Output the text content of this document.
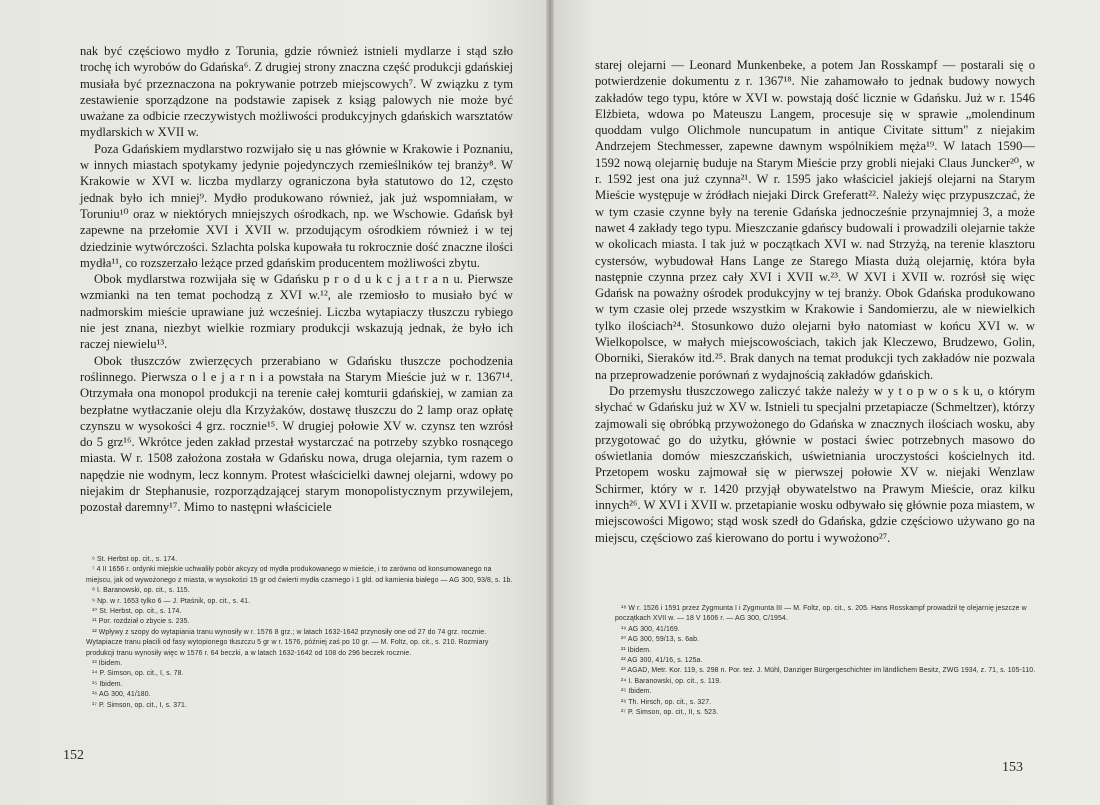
nak być częściowo mydło z Torunia, gdzie również istnieli mydlarze i stąd szło trochę ich wyrobów do Gdańska⁶. Z drugiej strony znaczna część produkcji gdańskiej musiała być przeznaczona na pokrywanie potrzeb miejscowych⁷. W związku z tym zestawienie sporządzone na podstawie zapisek z ksiąg palowych nie może być uważane za odbicie rzeczywistych możliwości produkcyjnych gdańskich warsztatów mydlarskich w XVII w.

Poza Gdańskiem mydlarstwo rozwijało się u nas głównie w Krakowie i Poznaniu, w innych miastach spotykamy jedynie pojedynczych rzemieślników tej branży⁸. W Krakowie w XVI w. liczba mydlarzy ograniczona była statutowo do 12, często jednak było ich mniej⁹. Mydło produkowano również, jak już wspomniałam, w Toruniu¹⁰ oraz w niektórych mniejszych ośrodkach, np. we Wschowie. Gdańsk był zapewne na przełomie XVI i XVII w. przodującym ośrodkiem również i w tej dziedzinie wytwórczości. Szlachta polska kupowała tu rokrocznie dość znaczne ilości mydła¹¹, co rozszerzało leżące przed gdańskim producentem możliwości zbytu.

Obok mydlarstwa rozwijała się w Gdańsku p r o d u k c j a t r a n u. Pierwsze wzmianki na ten temat pochodzą z XVI w.¹², ale rzemiosło to musiało być w nadmorskim mieście uprawiane już wcześniej. Liczba wytapiaczy tłuszczu rybiego nie jest znana, niezbyt wielkie rozmiary produkcji wskazują jednak, że było ich raczej niewielu¹³.

Obok tłuszczów zwierzęcych przerabiano w Gdańsku tłuszcze pochodzenia roślinnego. Pierwsza o l e j a r n i a powstała na Starym Mieście już w r. 1367¹⁴. Otrzymała ona monopol produkcji na terenie całej komturii gdańskiej, w zamian za bezpłatne wytłaczanie oleju dla Krzyżaków, dostawę tłuszczu do 2 lamp oraz opłatę czynszu w wysokości 4 grz. rocznie¹⁵. W drugiej połowie XV w. czynsz ten wzrósł do 5 grz¹⁶. Wkrótce jeden zakład przestał wystarczać na potrzeby szybko rosnącego miasta. W r. 1508 założona została w Gdańsku nowa, druga olejarnia, tym razem o napędzie nie wodnym, lecz konnym. Protest właścicielki dawnej olejarni, wdowy po niejakim dr Stephanusie, rozporządzającej starym monopolistycznym przywilejem, pozostał daremny¹⁷. Mimo to następni właściciele

⁶ St. Herbst op. cit., s. 174.
⁷ 4 II 1656 r. ordynki miejskie uchwaliły pobór akcyzy od mydła produkowanego w mieście, i to zarówno od konsumowanego na miejscu, jak od wywożonego z miasta, w wysokości 15 gr od ćwierti mydła czarnego i 1 gld. od kamienia białego — AG 300, 93/8, s. 1b.
⁸ I. Baranowski, op. cit., s. 115.
⁹ Np. w r. 1653 tylko 6 — J. Ptaśnik, op. cit., s. 41.
¹⁰ St. Herbst, op. cit., s. 174.
¹¹ Por. rozdział o zbycie s. 235.
¹² Wpływy z szopy do wytapiania tranu wynosiły w r. 1576 8 grz.; w latach 1632-1642 przynosiły one od 27 do 74 grz. rocznie. Wytapiacze tranu płacili od fasy wytopionego tłuszczu 5 gr w r. 1576, później zaś po 10 gr. — M. Foltz, op. cit., s. 210. Rozmiary produkcji tranu wynosiły więc w 1576 r. 64 beczki, a w latach 1632-1642 od 108 do 296 beczek rocznie.
¹³ Ibidem.
¹⁴ P. Simson, op. cit., I, s. 78.
¹⁵ Ibidem.
¹⁶ AG 300, 41/180.
¹⁷ P. Simson, op. cit., I, s. 371.
152

starej olejarni — Leonard Munkenbeke, a potem Jan Rosskampf — postarali się o potwierdzenie dokumentu z r. 1367¹⁸. Nie zahamowało to jednak budowy nowych zakładów tego typu, które w XVI w. powstają dość licznie w Gdańsku. Już w r. 1546 Elżbieta, wdowa po Mateuszu Langem, procesuje się w sprawie „molendinum quoddam vulgo Olichmole nuncupatum in antique Civitate sittum" z niejakim Andrzejem Stechmesser, zapewne dawnym wspólnikiem męża¹⁹. W latach 1590—1592 nową olejarnię buduje na Starym Mieście przy grobli niejaki Claus Juncker²⁰, w r. 1592 jest ona już czynna²¹. W r. 1595 jako właściciel jakiejś olejarni na Starym Mieście występuje w źródłach niejaki Dirck Greferatt²². Należy więc przypuszczać, że w tym czasie czynne były na terenie Gdańska jednocześnie przynajmniej 3, a może nawet 4 zakłady tego typu. Mieszczanie gdańscy budowali i prowadzili olejarnie także w okolicach miasta. I tak już w początkach XVI w. nad Strzyżą, na terenie klasztoru cystersów, wybudował Hans Lange ze Starego Miasta dużą olejarnię, która była następnie czynna przez cały XVI i XVII w.²³. W XVI i XVII w. rozrósł się więc Gdańsk na poważny ośrodek produkcyjny w tej branży. Obok Gdańska produkowano w tym czasie olej przede wszystkim w Krakowie i Sandomierzu, ale w niewielkich tylko ilościach²⁴. Stosunkowo dużo olejarni było natomiast w końcu XVI w. w Wielkopolsce, w małych miejscowościach, takich jak Kleczewo, Brudzewo, Golin, Oborniki, Sieraków itd.²⁵. Brak danych na temat produkcji tych zakładów nie pozwala na przeprowadzenie porównań z wydajnością zakładów gdańskich.

Do przemysłu tłuszczowego zaliczyć także należy w y t o p w o s k u, o którym słychać w Gdańsku już w XV w. Istnieli tu specjalni przetapiacze (Schmeltzer), którzy zajmowali się obróbką przywożonego do Gdańska w znacznych ilościach wosku, aby przygotować go do użytku, głównie w postaci świec potrzebnych masowo do oświetlania domów mieszczańskich, uświetniania uroczystości kościelnych itd. Przetopem wosku zajmował się w pierwszej połowie XV w. niejaki Wenzlaw Schirmer, który w r. 1420 przyjął obywatelstwo na Prawym Mieście, oraz kilku innych²⁶. W XVI i XVII w. przetapianie wosku odbywało się głównie poza miastem, w miejscowości Migowo; stąd wosk szedł do Gdańska, gdzie częściowo używano go na miejscu, częściowo zaś kierowano do portu i wywożono²⁷.

¹⁸ W r. 1526 i 1591 przez Zygmunta I i Zygmunta III — M. Foltz, op. cit., s. 205. Hans Rosskampf prowadził tę olejarnię jeszcze w początkach XVII w. — 18 V 1606 r. — AG 300, C/1954.
¹⁹ AG 300, 41/169.
²⁰ AG 300, 59/13, s. 6ab.
²¹ Ibidem.
²² AG 300, 41/16, s. 125a.
²³ AGAD, Metr. Kor. 119, s. 298 n. Por. też. J. Mühl, Danziger Bürgergeschichter im ländlichem Besitz, ZWG 1934, z. 71, s. 105-110.
²⁴ I. Baranowski, op. cit., s. 119.
²⁵ Ibidem.
²⁶ Th. Hirsch, op. cit., s. 327.
²⁷ P. Simson, op. cit., II, s. 523.
153
